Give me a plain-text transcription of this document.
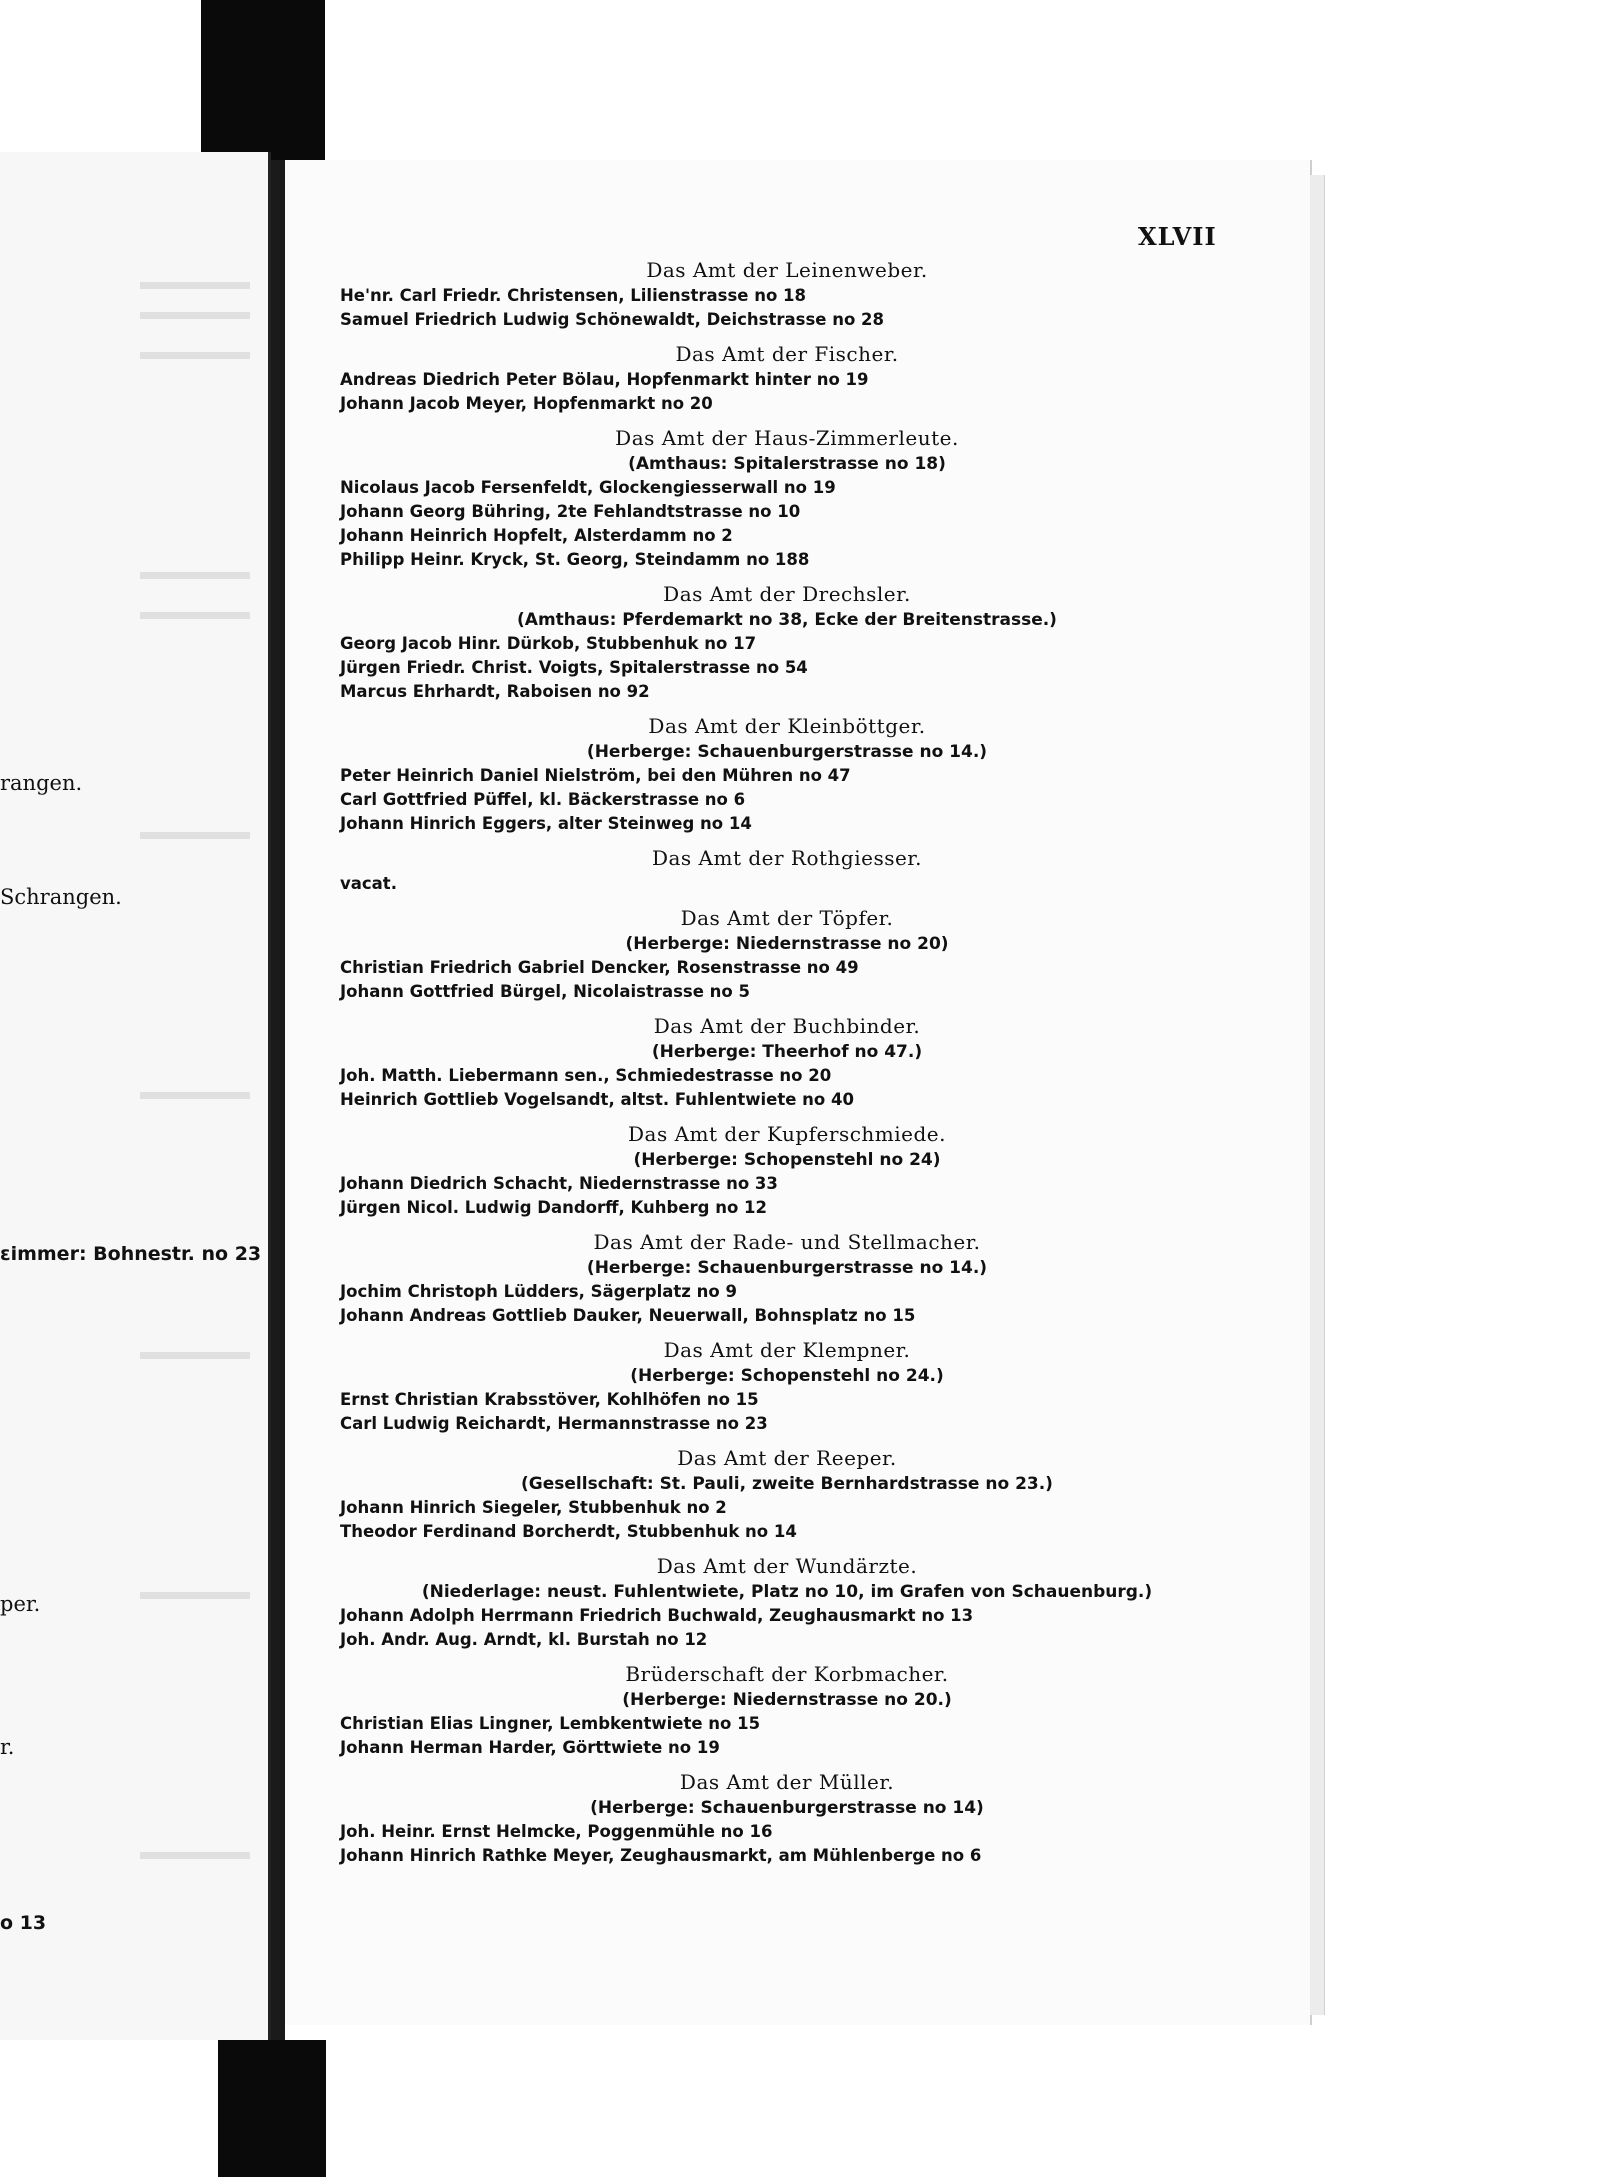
rangen.
Schrangen.
ɛimmer: Bohnestr. no 23
per.
r.
o 13
XLVII
Das Amt der Leinenweber.
He'nr. Carl Friedr. Christensen, Lilienstrasse no 18
Samuel Friedrich Ludwig Schönewaldt, Deichstrasse no 28
Das Amt der Fischer.
Andreas Diedrich Peter Bölau, Hopfenmarkt hinter no 19
Johann Jacob Meyer, Hopfenmarkt no 20
Das Amt der Haus-Zimmerleute.
(Amthaus: Spitalerstrasse no 18)
Nicolaus Jacob Fersenfeldt, Glockengiesserwall no 19
Johann Georg Bühring, 2te Fehlandtstrasse no 10
Johann Heinrich Hopfelt, Alsterdamm no 2
Philipp Heinr. Kryck, St. Georg, Steindamm no 188
Das Amt der Drechsler.
(Amthaus: Pferdemarkt no 38, Ecke der Breitenstrasse.)
Georg Jacob Hinr. Dürkob, Stubbenhuk no 17
Jürgen Friedr. Christ. Voigts, Spitalerstrasse no 54
Marcus Ehrhardt, Raboisen no 92
Das Amt der Kleinböttger.
(Herberge: Schauenburgerstrasse no 14.)
Peter Heinrich Daniel Nielström, bei den Mühren no 47
Carl Gottfried Püffel, kl. Bäckerstrasse no 6
Johann Hinrich Eggers, alter Steinweg no 14
Das Amt der Rothgiesser.
vacat.
Das Amt der Töpfer.
(Herberge: Niedernstrasse no 20)
Christian Friedrich Gabriel Dencker, Rosenstrasse no 49
Johann Gottfried Bürgel, Nicolaistrasse no 5
Das Amt der Buchbinder.
(Herberge: Theerhof no 47.)
Joh. Matth. Liebermann sen., Schmiedestrasse no 20
Heinrich Gottlieb Vogelsandt, altst. Fuhlentwiete no 40
Das Amt der Kupferschmiede.
(Herberge: Schopenstehl no 24)
Johann Diedrich Schacht, Niedernstrasse no 33
Jürgen Nicol. Ludwig Dandorff, Kuhberg no 12
Das Amt der Rade- und Stellmacher.
(Herberge: Schauenburgerstrasse no 14.)
Jochim Christoph Lüdders, Sägerplatz no 9
Johann Andreas Gottlieb Dauker, Neuerwall, Bohnsplatz no 15
Das Amt der Klempner.
(Herberge: Schopenstehl no 24.)
Ernst Christian Krabsstöver, Kohlhöfen no 15
Carl Ludwig Reichardt, Hermannstrasse no 23
Das Amt der Reeper.
(Gesellschaft: St. Pauli, zweite Bernhardstrasse no 23.)
Johann Hinrich Siegeler, Stubbenhuk no 2
Theodor Ferdinand Borcherdt, Stubbenhuk no 14
Das Amt der Wundärzte.
(Niederlage: neust. Fuhlentwiete, Platz no 10, im Grafen von Schauenburg.)
Johann Adolph Herrmann Friedrich Buchwald, Zeughausmarkt no 13
Joh. Andr. Aug. Arndt, kl. Burstah no 12
Brüderschaft der Korbmacher.
(Herberge: Niedernstrasse no 20.)
Christian Elias Lingner, Lembkentwiete no 15
Johann Herman Harder, Görttwiete no 19
Das Amt der Müller.
(Herberge: Schauenburgerstrasse no 14)
Joh. Heinr. Ernst Helmcke, Poggenmühle no 16
Johann Hinrich Rathke Meyer, Zeughausmarkt, am Mühlenberge no 6
